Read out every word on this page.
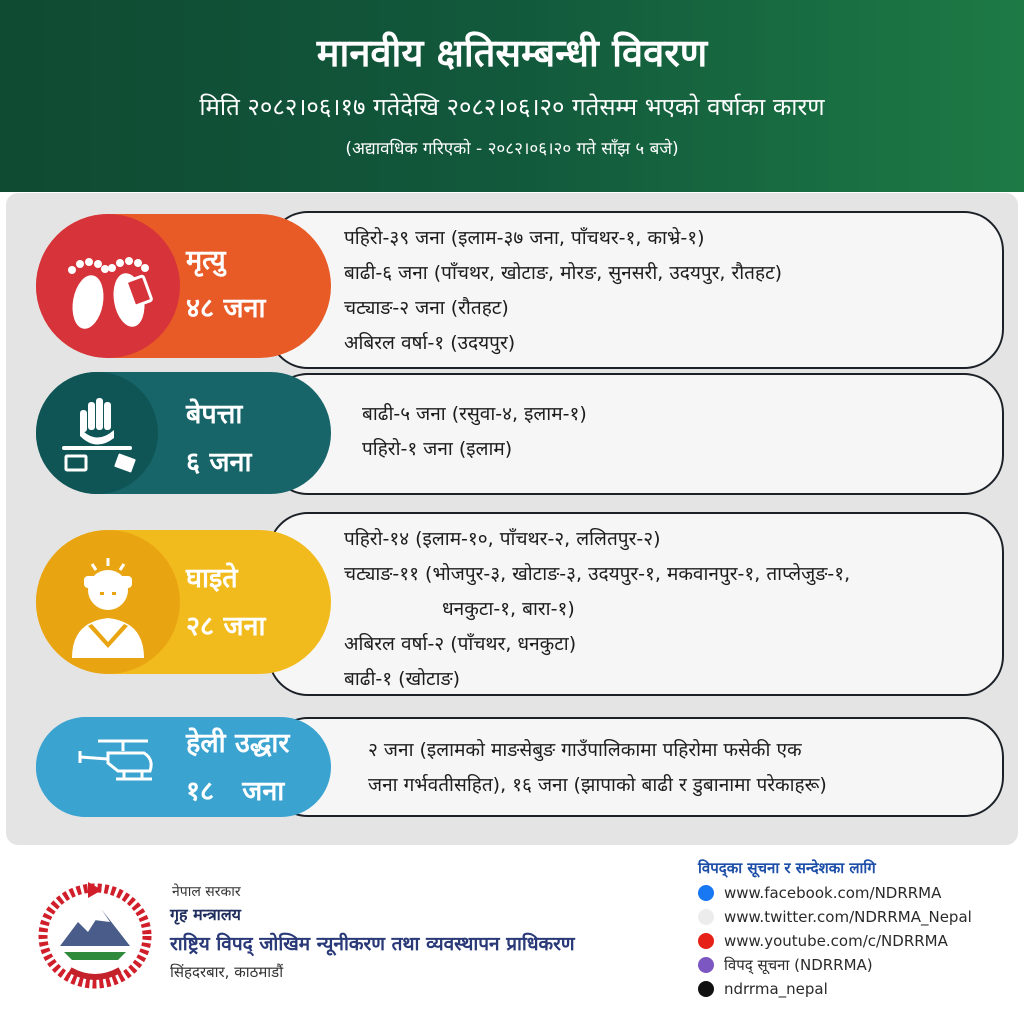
मानवीय क्षतिसम्बन्धी विवरण
मिति २०८२।०६।१७ गतेदेखि २०८२।०६।२० गतेसम्म भएको वर्षाका कारण
(अद्यावधिक गरिएको - २०८२।०६।२० गते साँझ ५ बजे)
पहिरो-३९ जना (इलाम-३७ जना, पाँचथर-१, काभ्रे-१)
बाढी-६ जना (पाँचथर, खोटाङ, मोरङ, सुनसरी, उदयपुर, रौतहट)
चट्याङ-२ जना (रौतहट)
अबिरल वर्षा-१ (उदयपुर)
मृत्यु
४८ जना
बाढी-५ जना (रसुवा-४, इलाम-१)
पहिरो-१ जना (इलाम)
बेपत्ता
६ जना
पहिरो-१४ (इलाम-१०, पाँचथर-२, ललितपुर-२)
चट्याङ-११ (भोजपुर-३, खोटाङ-३, उदयपुर-१, मकवानपुर-१, ताप्लेजुङ-१,
धनकुटा-१, बारा-१)
अबिरल वर्षा-२ (पाँचथर, धनकुटा)
बाढी-१ (खोटाङ)
घाइते
२८ जना
२ जना (इलामको माङसेबुङ गाउँपालिकामा पहिरोमा फसेकी एक
जना गर्भवतीसहित), १६ जना (झापाको बाढी र डुबानामा परेकाहरू)
हेली उद्धार
१८   जना
नेपाल सरकार
गृह मन्त्रालय
राष्ट्रिय विपद् जोखिम न्यूनीकरण तथा व्यवस्थापन प्राधिकरण
सिंहदरबार, काठमाडौं
विपद्का सूचना र सन्देशका लागि
www.facebook.com/NDRRMA
www.twitter.com/NDRRMA_Nepal
www.youtube.com/c/NDRRMA
विपद् सूचना (NDRRMA)
ndrrma_nepal
